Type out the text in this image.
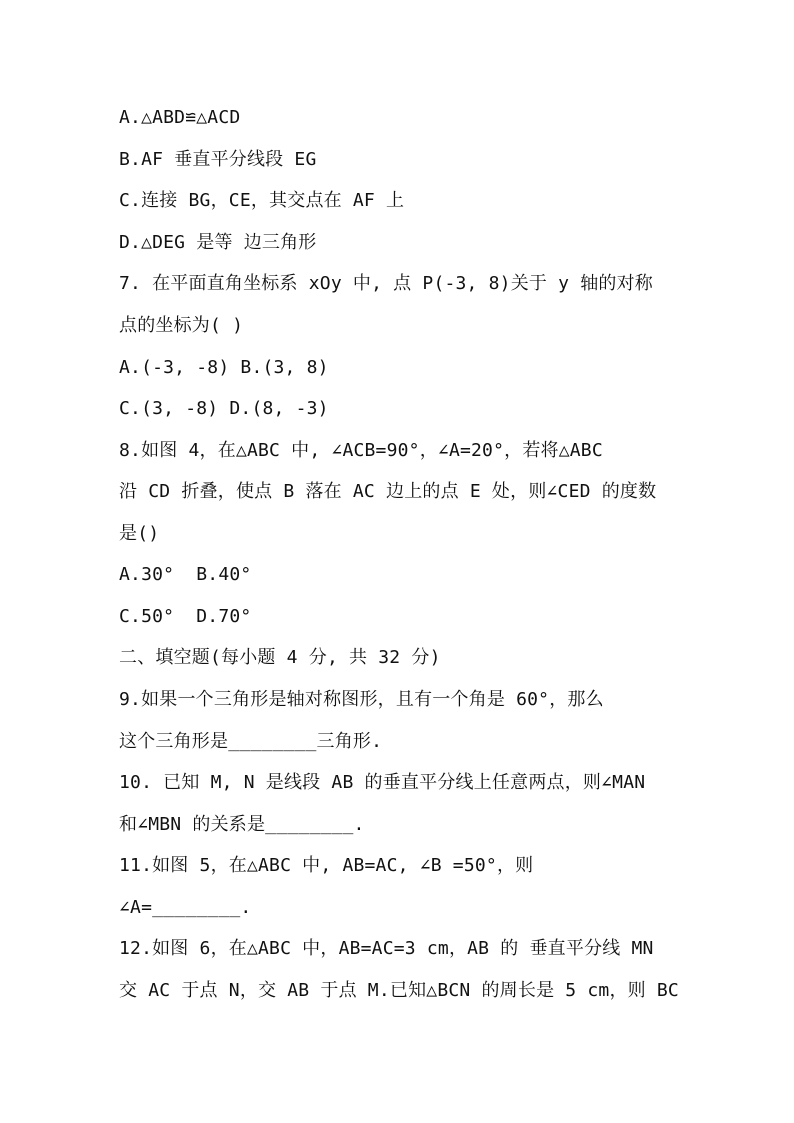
A.△ABD≌△ACD
B.AF 垂直平分线段 EG
C.连接 BG，CE，其交点在 AF 上
D.△DEG 是等 边三角形
7. 在平面直角坐标系 xOy 中, 点 P(-3, 8)关于 y 轴的对称
点的坐标为( )
A.(-3, -8) B.(3, 8)
C.(3, -8) D.(8, -3)
8.如图 4，在△ABC 中, ∠ACB=90°，∠A=20°，若将△ABC
沿 CD 折叠，使点 B 落在 AC 边上的点 E 处，则∠CED 的度数
是()
A.30°  B.40°
C.50°  D.70°
二、填空题(每小题 4 分, 共 32 分)
9.如果一个三角形是轴对称图形，且有一个角是 60°，那么
这个三角形是________三角形.
10. 已知 M, N 是线段 AB 的垂直平分线上任意两点，则∠MAN
和∠MBN 的关系是________.
11.如图 5，在△ABC 中, AB=AC, ∠B =50°，则
∠A=________.
12.如图 6，在△ABC 中，AB=AC=3 cm，AB 的 垂直平分线 MN
交 AC 于点 N，交 AB 于点 M.已知△BCN 的周长是 5 cm，则 BC
